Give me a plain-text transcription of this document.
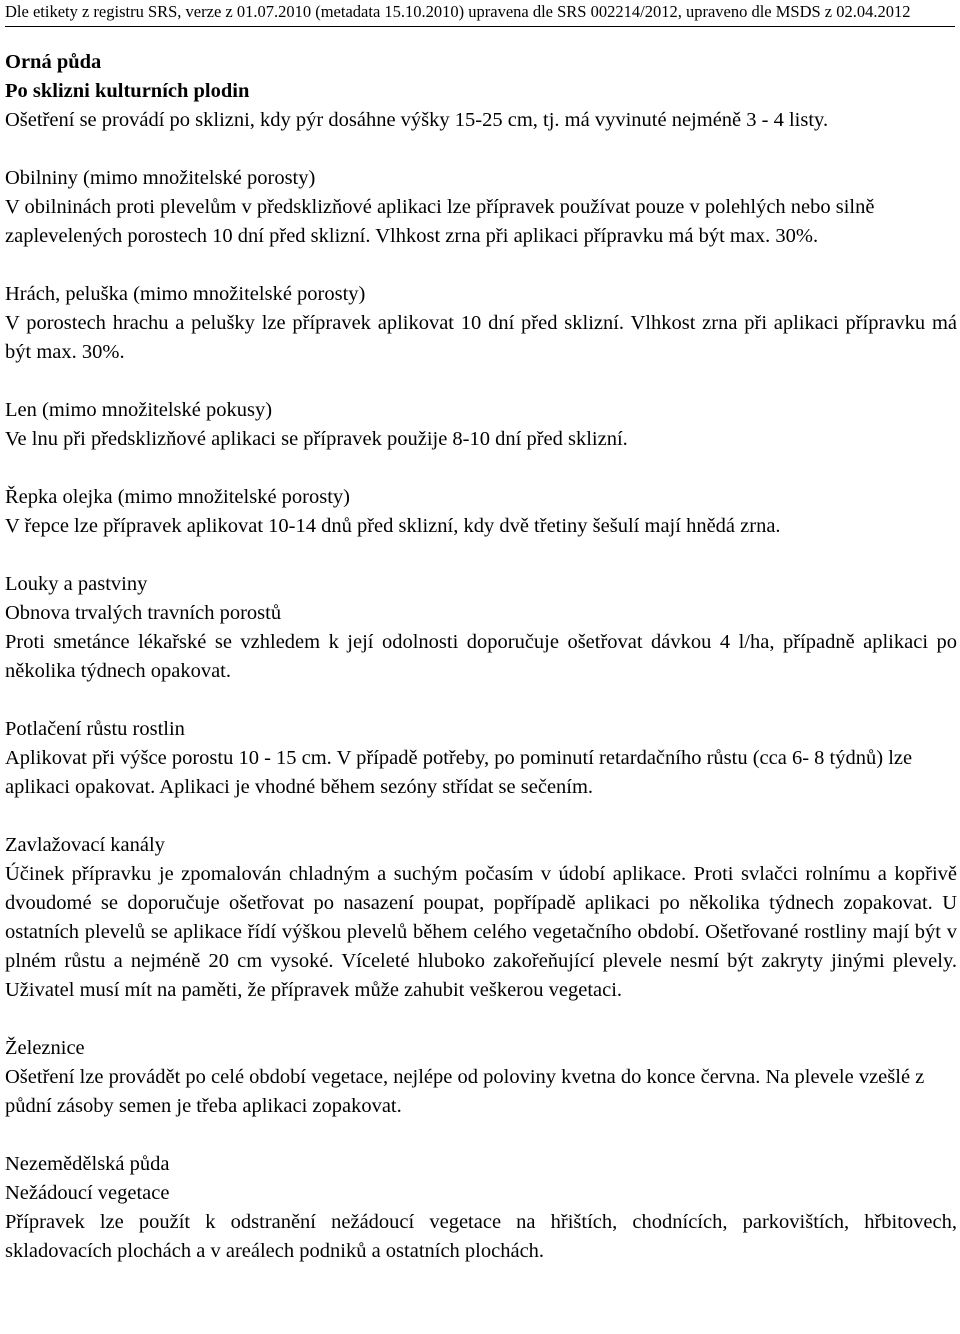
Dle etikety z registru SRS, verze z 01.07.2010 (metadata 15.10.2010) upravena dle SRS 002214/2012, upraveno dle MSDS z 02.04.2012

Orná půda

Po sklizni kulturních plodin

Ošetření se provádí po sklizni, kdy pýr dosáhne výšky 15-25 cm, tj. má vyvinuté nejméně 3 - 4 listy.

Obilniny (mimo množitelské porosty)

V obilninách proti plevelům v předsklizňové aplikaci lze přípravek používat pouze v polehlých nebo silně zaplevelených porostech 10 dní před sklizní. Vlhkost zrna při aplikaci přípravku má být max. 30%.

Hrách, peluška (mimo množitelské porosty)

V porostech hrachu a pelušky lze přípravek aplikovat 10 dní před sklizní. Vlhkost zrna při aplikaci přípravku má být max. 30%.

Len (mimo množitelské pokusy)

Ve lnu při předsklizňové aplikaci se přípravek použije 8-10 dní před sklizní.

Řepka olejka (mimo množitelské porosty)

V řepce lze přípravek aplikovat 10-14 dnů před sklizní, kdy dvě třetiny šešulí mají hnědá zrna.

Louky a pastviny

Obnova trvalých travních porostů

Proti smetánce lékařské se vzhledem k její odolnosti doporučuje ošetřovat dávkou 4 l/ha, případně aplikaci po několika týdnech opakovat.

Potlačení růstu rostlin

Aplikovat při výšce porostu 10 - 15 cm. V případě potřeby, po pominutí retardačního růstu (cca 6- 8 týdnů) lze aplikaci opakovat. Aplikaci je vhodné během sezóny střídat se sečením.

Zavlažovací kanály

Účinek přípravku je zpomalován chladným a suchým počasím v údobí aplikace. Proti svlačci rolnímu a kopřivě dvoudomé se doporučuje ošetřovat po nasazení poupat, popřípadě aplikaci po několika týdnech zopakovat. U ostatních plevelů se aplikace řídí výškou plevelů během celého vegetačního období. Ošetřované rostliny mají být v plném růstu a nejméně 20 cm vysoké. Víceleté hluboko zakořeňující plevele nesmí být zakryty jinými plevely. Uživatel musí mít na paměti, že přípravek může zahubit veškerou vegetaci.

Železnice

Ošetření lze provádět po celé období vegetace, nejlépe od poloviny kvetna do konce června. Na plevele vzešlé z půdní zásoby semen je třeba aplikaci zopakovat.

Nezemědělská půda

Nežádoucí vegetace

Přípravek lze použít k odstranění nežádoucí vegetace na hřištích, chodnících, parkovištích, hřbitovech, skladovacích plochách a v areálech podniků a ostatních plochách.
